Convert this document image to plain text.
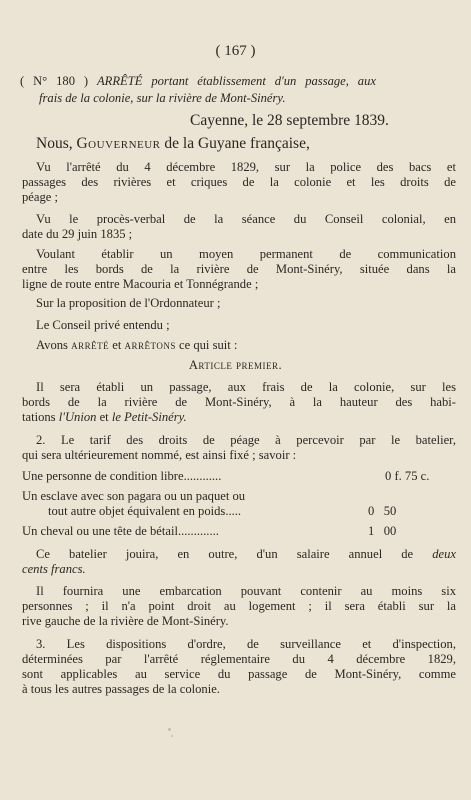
( 167 )
( N° 180 ) ARRÊTÉ portant établissement d'un passage, aux
frais de la colonie, sur la rivière de Mont-Sinéry.
Cayenne, le 28 septembre 1839.
Nous, Gouverneur de la Guyane française,
Vu l'arrêté du 4 décembre 1829, sur la police des bacs et
passages des rivières et criques de la colonie et les droits de
péage ;
Vu le procès-verbal de la séance du Conseil colonial, en
date du 29 juin 1835 ;
Voulant établir un moyen permanent de communication
entre les bords de la rivière de Mont-Sinéry, située dans la
ligne de route entre Macouria et Tonnégrande ;
Sur la proposition de l'Ordonnateur ;
Le Conseil privé entendu ;
Avons arrêté et arrêtons ce qui suit :
Article premier.
Il sera établi un passage, aux frais de la colonie, sur les
bords de la rivière de Mont-Sinéry, à la hauteur des habi-
tations l'Union et le Petit-Sinéry.
2. Le tarif des droits de péage à percevoir par le batelier,
qui sera ultérieurement nommé, est ainsi fixé ; savoir :
Une personne de condition libre............	0 f. 75 c.
Un esclave avec son pagara ou un paquet ou
tout autre objet équivalent en poids.....	0   50
Un cheval ou une tête de bétail.............	1   00
Ce batelier jouira, en outre, d'un salaire annuel de deux
cents francs.
Il fournira une embarcation pouvant contenir au moins six
personnes ; il n'a point droit au logement ; il sera établi sur la
rive gauche de la rivière de Mont-Sinéry.
3. Les dispositions d'ordre, de surveillance et d'inspection,
déterminées par l'arrêté réglementaire du 4 décembre 1829,
sont applicables au service du passage de Mont-Sinéry, comme
à tous les autres passages de la colonie.
